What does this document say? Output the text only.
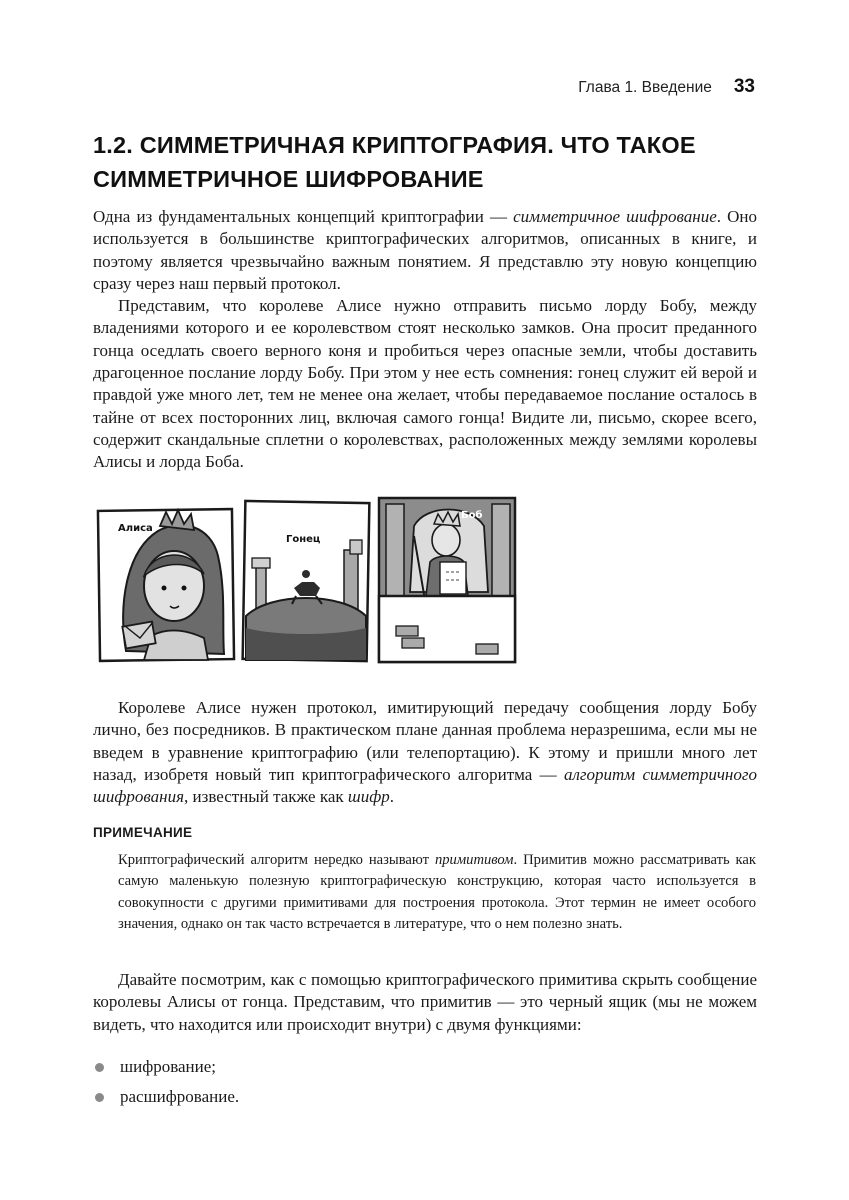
Глава 1. Введение 33
1.2. СИММЕТРИЧНАЯ КРИПТОГРАФИЯ. ЧТО ТАКОЕ
СИММЕТРИЧНОЕ ШИФРОВАНИЕ

Одна из фундаментальных концепций криптографии — симметричное шифрование. Оно используется в большинстве криптографических алгоритмов, описанных в книге, и поэтому является чрезвычайно важным понятием. Я представлю эту новую концепцию сразу через наш первый протокол.

Представим, что королеве Алисе нужно отправить письмо лорду Бобу, между владениями которого и ее королевством стоят несколько замков. Она просит преданного гонца оседлать своего верного коня и пробиться через опасные земли, чтобы доставить драгоценное послание лорду Бобу. При этом у нее есть сомнения: гонец служит ей верой и правдой уже много лет, тем не менее она желает, чтобы передаваемое послание осталось в тайне от всех посторонних лиц, включая самого гонца! Видите ли, письмо, скорее всего, содержит скандальные сплетни о королевствах, расположенных между землями королевы Алисы и лорда Боба.

Алиса
Гонец
Боб

Королеве Алисе нужен протокол, имитирующий передачу сообщения лорду Бобу лично, без посредников. В практическом плане данная проблема неразрешима, если мы не введем в уравнение криптографию (или телепортацию). К этому и пришли много лет назад, изобретя новый тип криптографического алгоритма — алгоритм симметричного шифрования, известный также как шифр.

ПРИМЕЧАНИЕ

Криптографический алгоритм нередко называют примитивом. Примитив можно рассматривать как самую маленькую полезную криптографическую конструкцию, которая часто используется в совокупности с другими примитивами для построения протокола. Этот термин не имеет особого значения, однако он так часто встречается в литературе, что о нем полезно знать.

Давайте посмотрим, как с помощью криптографического примитива скрыть сообщение королевы Алисы от гонца. Представим, что примитив — это черный ящик (мы не можем видеть, что находится или происходит внутри) с двумя функциями:

шифрование;
расшифрование.
